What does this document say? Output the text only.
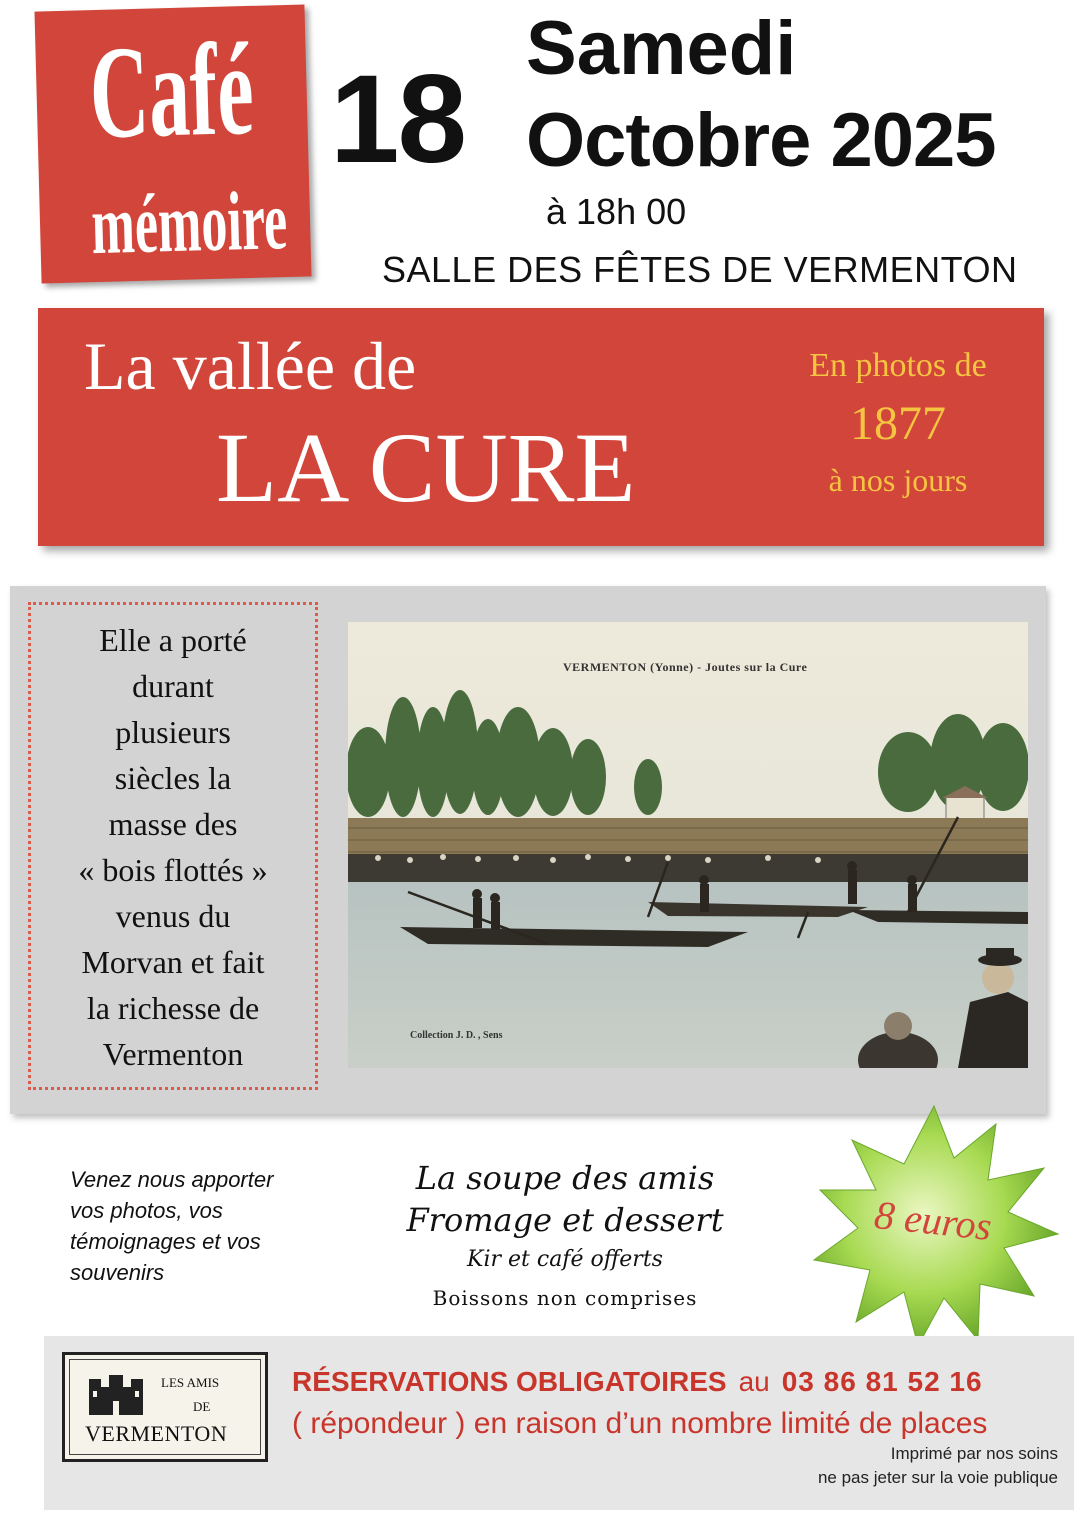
Café
mémoire
18
Samedi
Octobre 2025
à 18h 00
SALLE DES FÊTES DE VERMENTON
La vallée de
LA CURE
En photos de
1877
à nos jours
Elle a porté
durant
plusieurs
siècles la
masse des
« bois flottés »
venus du
Morvan et fait
la richesse de
Vermenton
VERMENTON (Yonne) - Joutes sur la Cure
Collection J. D. , Sens
Venez nous apporter vos photos, vos témoignages et vos souvenirs
La soupe des amis
Fromage et dessert
Kir et café offerts
Boissons non comprises
8 euros
LES AMIS
DE
VERMENTON
RÉSERVATIONS OBLIGATOIRES au 03 86 81 52 16
( répondeur ) en raison d’un nombre limité de places
Imprimé par nos soins
ne pas jeter sur la voie publique
